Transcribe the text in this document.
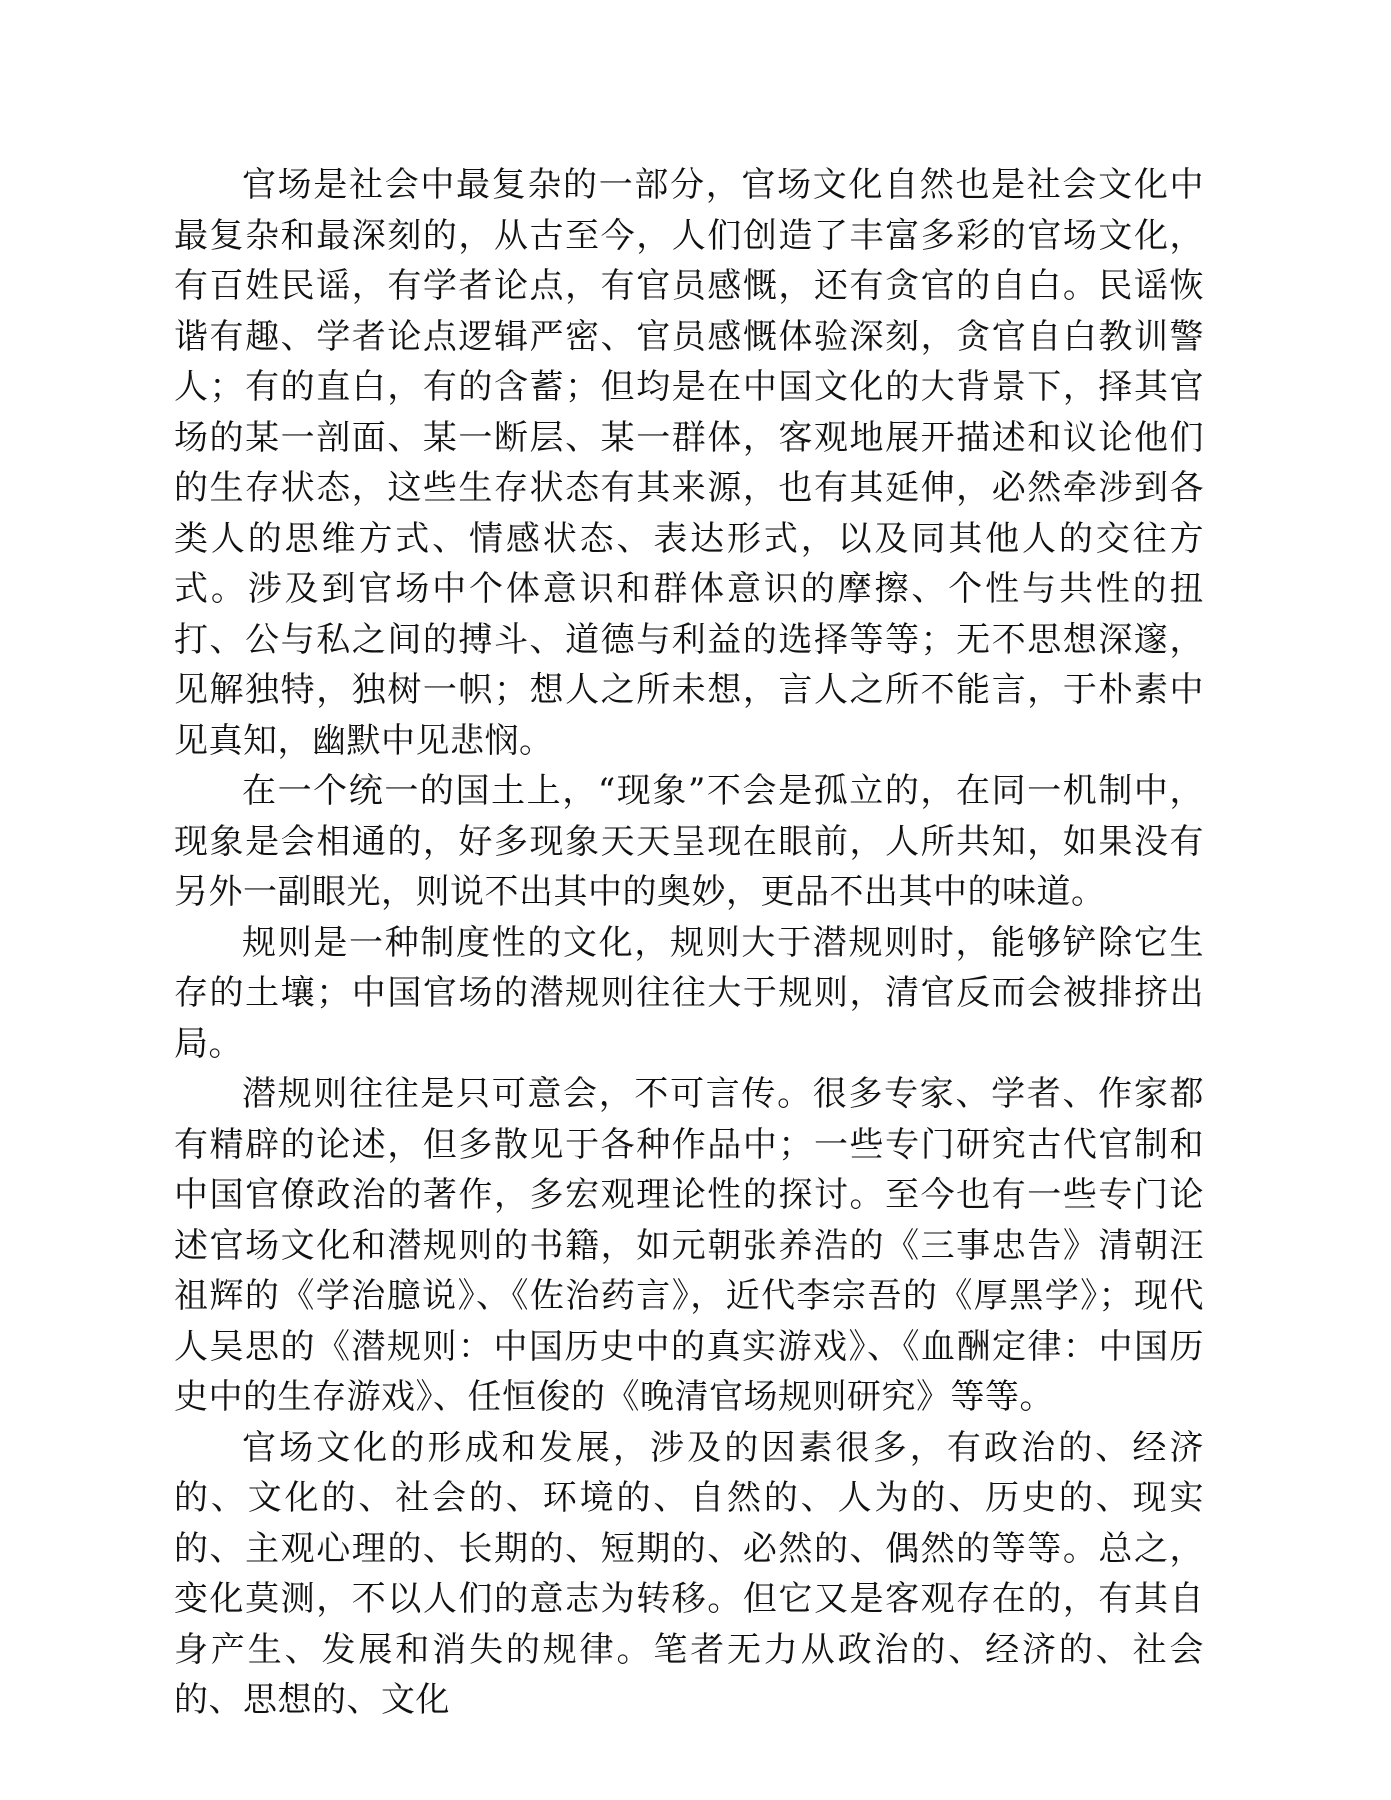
官场是社会中最复杂的一部分，官场文化自然也是社会文化中最复杂和最深刻的，从古至今，人们创造了丰富多彩的官场文化，有百姓民谣，有学者论点，有官员感慨，还有贪官的自白。民谣恢谐有趣、学者论点逻辑严密、官员感慨体验深刻，贪官自白教训警人；有的直白，有的含蓄；但均是在中国文化的大背景下，择其官场的某一剖面、某一断层、某一群体，客观地展开描述和议论他们的生存状态，这些生存状态有其来源，也有其延伸，必然牵涉到各类人的思维方式、情感状态、表达形式，以及同其他人的交往方式。涉及到官场中个体意识和群体意识的摩擦、个性与共性的扭打、公与私之间的搏斗、道德与利益的选择等等；无不思想深邃，见解独特，独树一帜；想人之所未想，言人之所不能言，于朴素中见真知，幽默中见悲悯。

在一个统一的国土上，“现象”不会是孤立的，在同一机制中，现象是会相通的，好多现象天天呈现在眼前，人所共知，如果没有另外一副眼光，则说不出其中的奥妙，更品不出其中的味道。

规则是一种制度性的文化，规则大于潜规则时，能够铲除它生存的土壤；中国官场的潜规则往往大于规则，清官反而会被排挤出局。

潜规则往往是只可意会，不可言传。很多专家、学者、作家都有精辟的论述，但多散见于各种作品中；一些专门研究古代官制和中国官僚政治的著作，多宏观理论性的探讨。至今也有一些专门论述官场文化和潜规则的书籍，如元朝张养浩的《三事忠告》清朝汪祖辉的《学治臆说》、《佐治药言》，近代李宗吾的《厚黑学》；现代人吴思的《潜规则：中国历史中的真实游戏》、《血酬定律：中国历史中的生存游戏》、任恒俊的《晚清官场规则研究》等等。

官场文化的形成和发展，涉及的因素很多，有政治的、经济的、文化的、社会的、环境的、自然的、人为的、历史的、现实的、主观心理的、长期的、短期的、必然的、偶然的等等。总之，变化莫测，不以人们的意志为转移。但它又是客观存在的，有其自身产生、发展和消失的规律。笔者无力从政治的、经济的、社会的、思想的、文化
